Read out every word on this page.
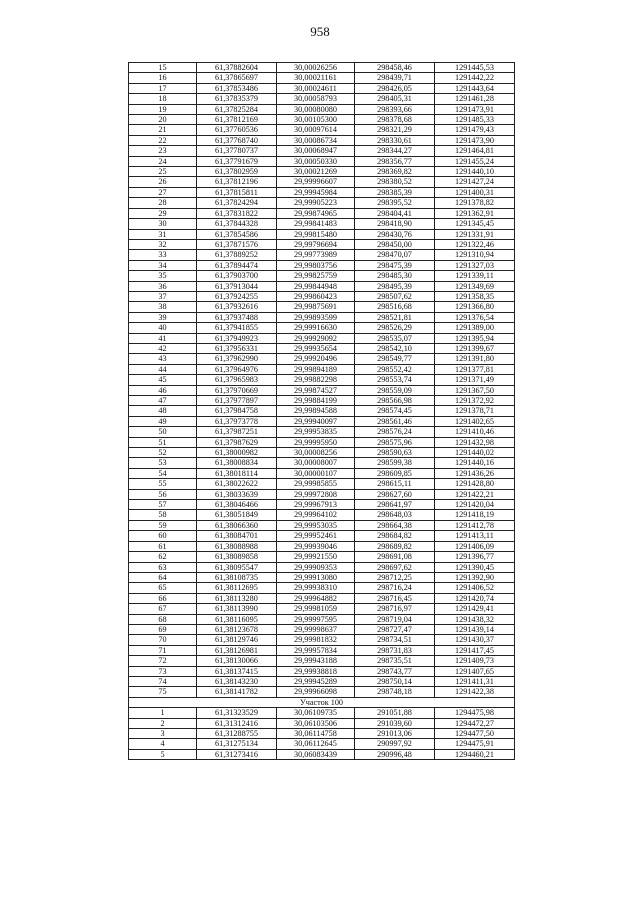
958
15	61,37882604	30,00026256	298458,46	1291445,53
16	61,37865697	30,00021161	298439,71	1291442,22
17	61,37853486	30,00024611	298426,05	1291443,64
18	61,37835379	30,00058793	298405,31	1291461,28
19	61,37825284	30,00080080	298393,66	1291473,91
20	61,37812169	30,00105300	298378,68	1291485,33
21	61,37760536	30,00097614	298321,29	1291479,43
22	61,37768740	30,00086734	298330,61	1291473,90
23	61,37780737	30,00068947	298344,27	1291464,81
24	61,37791679	30,00050330	298356,77	1291455,24
25	61,37802959	30,00021269	298369,82	1291440,10
26	61,37812196	29,99996607	298380,52	1291427,24
27	61,37815811	29,99945984	298385,39	1291400,31
28	61,37824294	29,99905223	298395,52	1291378,82
29	61,37831822	29,99874965	298404,41	1291362,91
30	61,37844328	29,99841483	298418,90	1291345,45
31	61,37854586	29,99815480	298430,76	1291331,91
32	61,37871576	29,99796694	298450,00	1291322,46
33	61,37889252	29,99773989	298470,07	1291310,94
34	61,37894474	29,99803756	298475,39	1291327,03
35	61,37903700	29,99825759	298485,30	1291339,11
36	61,37913044	29,99844948	298495,39	1291349,69
37	61,37924255	29,99860423	298507,62	1291358,35
38	61,37932616	29,99875691	298516,68	1291366,80
39	61,37937488	29,99893599	298521,81	1291376,54
40	61,37941855	29,99916630	298526,29	1291389,00
41	61,37949923	29,99929092	298535,07	1291395,94
42	61,37956331	29,99935654	298542,10	1291399,67
43	61,37962990	29,99920496	298549,77	1291391,80
44	61,37964976	29,99894189	298552,42	1291377,81
45	61,37965983	29,99882298	298553,74	1291371,49
46	61,37970669	29,99874527	298559,09	1291367,50
47	61,37977897	29,99884199	298566,98	1291372,92
48	61,37984758	29,99894588	298574,45	1291378,71
49	61,37973778	29,99940097	298561,46	1291402,65
50	61,37987251	29,99953835	298576,24	1291410,46
51	61,37987629	29,99995950	298575,96	1291432,98
52	61,38000982	30,00008256	298590,63	1291440,02
53	61,38008834	30,00008007	298599,38	1291440,16
54	61,38018114	30,00000107	298609,85	1291436,26
55	61,38022622	29,99985855	298615,11	1291428,80
56	61,38033639	29,99972808	298627,60	1291422,21
57	61,38046466	29,99967913	298641,97	1291420,04
58	61,38051849	29,99964102	298648,03	1291418,19
59	61,38066360	29,99953035	298664,38	1291412,78
60	61,38084701	29,99952461	298684,82	1291413,11
61	61,38088988	29,99939046	298689,82	1291406,09
62	61,38089858	29,99921550	298691,08	1291396,77
63	61,38095547	29,99909353	298697,62	1291390,45
64	61,38108735	29,99913080	298712,25	1291392,90
65	61,38112695	29,99938310	298716,24	1291406,52
66	61,38113280	29,99964882	298716,45	1291420,74
67	61,38113990	29,99981059	298716,97	1291429,41
68	61,38116095	29,99997595	298719,04	1291438,32
69	61,38123678	29,99998637	298727,47	1291439,14
70	61,38129746	29,99981832	298734,51	1291430,37
71	61,38126981	29,99957834	298731,83	1291417,45
72	61,38130066	29,99943188	298735,51	1291409,73
73	61,38137415	29,99938818	298743,77	1291407,65
74	61,38143230	29,99945289	298750,14	1291411,31
75	61,38141782	29,99966098	298748,18	1291422,38
Участок 100				
1	61,31323529	30,06109735	291051,88	1294475,98
2	61,31312416	30,06103506	291039,60	1294472,27
3	61,31288755	30,06114758	291013,06	1294477,50
4	61,31275134	30,06112645	290997,92	1294475,91
5	61,31273416	30,06083439	290996,48	1294460,21
